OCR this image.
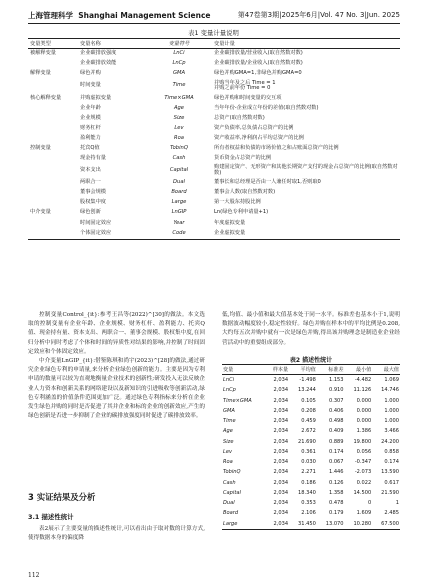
上海管理科学 Shanghai Management Science	第47卷第3期|2025年6月|Vol. 47 No. 3|Jun. 2025
表1 变量计量说明
变量类型	变量名称	变量符号	变量计量
被解释变量	企业碳排放强度	LnCi	企业碳排放量/营业收入(取自然数对数)
	企业碳排放效能	LnCp	企业碳排放量/企业收入(取自然数对数)
解释变量	绿色并购	GMA	绿色并购GMA=1,非绿色并购GMA=0
	时间变量	Time	并购当年及之后 Time = 1
并购之前年份 Time = 0
核心解释变量	并购虚拟变量	Time×GMA	绿色并购和时间变量的交互项
	企业年龄	Age	当年年份-企业成立年份的差值(取自然数对数)
	企业规模	Size	总资产(取自然数对数)
	财务杠杆	Lev	资产负债率,总负债占总资产的比例
	盈利能力	Roa	资产收益率,净利润占平均总资产的比例
控制变量	托宾Q值	TobinQ	所有者权益和负债的市场价值之和占账面总资产的比例
	现金持有量	Cash	货币资金占总资产的比例
	资本支出	Capital	购建固定资产、无形资产和其他长期资产支付的现金占总资产的比例(取自然数对数)
	两职合一	Dual	董事长和总经理是否由一人兼任时取1,否则取0
	董事会规模	Board	董事会人数(取自然数对数)
	股权集中度	Large	第一大股东持股比例
中介变量	绿色创新	LnGIP	Ln(绿色专利申请量+1)
	时间固定效应	Year	年度虚拟变量
	个体固定效应	Code	企业虚拟变量

控制变量Control_{it}:参考王昌等(2022)^[30]的做法。本文选取的控制变量有企业年龄、企业规模、财务杠杆、盈利能力、托宾Q值、现金持有量、资本支出、两职合一、董事会规模、股权集中度,在回归分析中同时考虑了个体和时间的异质性对结果的影响,并控制了时间固定效应和个体固定效应。

中介变量LnGIP_{it}:借鉴陈琪和尚宇(2023)^[28]的做法,通过研究企业绿色专利的申请量,来分析企业绿色创新的能力。主要是因为专利申请的数量可以较为直观地衡量企业技术的创新性;研发投入无法反映企业人力资本和创新关系的网络建设以及新知识的引进吸收等创新活动,绿色专利涵盖的价值条件范围更加广泛。通过绿色专利指标来分析在企业发生绿色并购的同时是否促进了其并企业和标的企业的创新效应,产生的绿色创新是否进一步抑制了企业的碳排放强度同时促进了碳排放效率。

3 实证结果及分析
3.1 描述性统计

表2展示了主要变量的描述性统计,可以看出由于取对数的计算方式,使得数据本身的偏度降

低,均值、最小值和最大值基本处于同一水平。标准差也基本小于1,说明数据波动幅度较小,稳定性较好。绿色并购在样本中的平均比例是0.208,大约每五次并购中就有一次是绿色并购,得出该并购理念是制造业企业经营活动中的重要组成部分。

表2 描述性统计
变量	样本量	平均值	标准差	最小值	最大值
LnCi	2,034	-1.498	1.153	-4.482	1.069
LnCp	2,034	13.244	0.910	11.126	14.746
Time×GMA	2,034	0.105	0.307	0.000	1.000
GMA	2,034	0.208	0.406	0.000	1.000
Time	2,034	0.459	0.498	0.000	1.000
Age	2,034	2.672	0.409	1.386	3.466
Size	2,034	21.690	0.889	19.800	24.200
Lev	2,034	0.361	0.174	0.056	0.858
Roa	2,034	0.030	0.067	-0.347	0.174
TobinQ	2,034	2.271	1.446	-2.073	13.590
Cash	2,034	0.186	0.126	0.022	0.617
Capital	2,034	18.340	1.358	14.500	21.590
Dual	2,034	0.353	0.478	0	1
Board	2,034	2.106	0.179	1.609	2.485
Large	2,034	31.450	13.070	10.280	67.500
112
